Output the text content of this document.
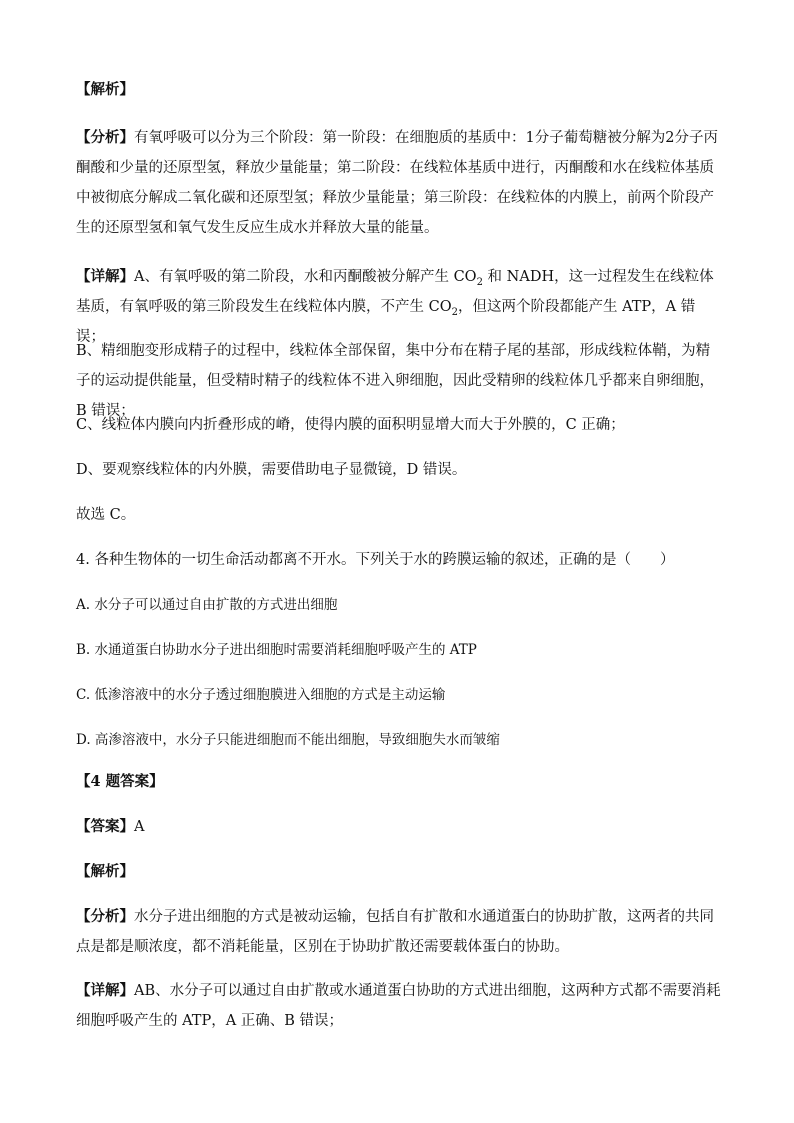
【解析】

【分析】有氧呼吸可以分为三个阶段：第一阶段：在细胞质的基质中：1分子葡萄糖被分解为2分子丙酮酸和少量的还原型氢，释放少量能量；第二阶段：在线粒体基质中进行，丙酮酸和水在线粒体基质中被彻底分解成二氧化碳和还原型氢；释放少量能量；第三阶段：在线粒体的内膜上，前两个阶段产生的还原型氢和氧气发生反应生成水并释放大量的能量。

【详解】A、有氧呼吸的第二阶段，水和丙酮酸被分解产生 $CO_2$ 和 NADH，这一过程发生在线粒体基质，有氧呼吸的第三阶段发生在线粒体内膜，不产生 $CO_2$，但这两个阶段都能产生 ATP，A 错误；

B、精细胞变形成精子的过程中，线粒体全部保留，集中分布在精子尾的基部，形成线粒体鞘，为精子的运动提供能量，但受精时精子的线粒体不进入卵细胞，因此受精卵的线粒体几乎都来自卵细胞，B 错误；

C、线粒体内膜向内折叠形成的嵴，使得内膜的面积明显增大而大于外膜的，C 正确；

D、要观察线粒体的内外膜，需要借助电子显微镜，D 错误。

故选 C。

4. 各种生物体的一切生命活动都离不开水。下列关于水的跨膜运输的叙述，正确的是（　　）

A. 水分子可以通过自由扩散的方式进出细胞

B. 水通道蛋白协助水分子进出细胞时需要消耗细胞呼吸产生的 ATP

C. 低渗溶液中的水分子透过细胞膜进入细胞的方式是主动运输

D. 高渗溶液中，水分子只能进细胞而不能出细胞，导致细胞失水而皱缩

【4 题答案】

【答案】A

【解析】

【分析】水分子进出细胞的方式是被动运输，包括自有扩散和水通道蛋白的协助扩散，这两者的共同点是都是顺浓度，都不消耗能量，区别在于协助扩散还需要载体蛋白的协助。

【详解】AB、水分子可以通过自由扩散或水通道蛋白协助的方式进出细胞，这两种方式都不需要消耗细胞呼吸产生的 ATP，A 正确、B 错误；
